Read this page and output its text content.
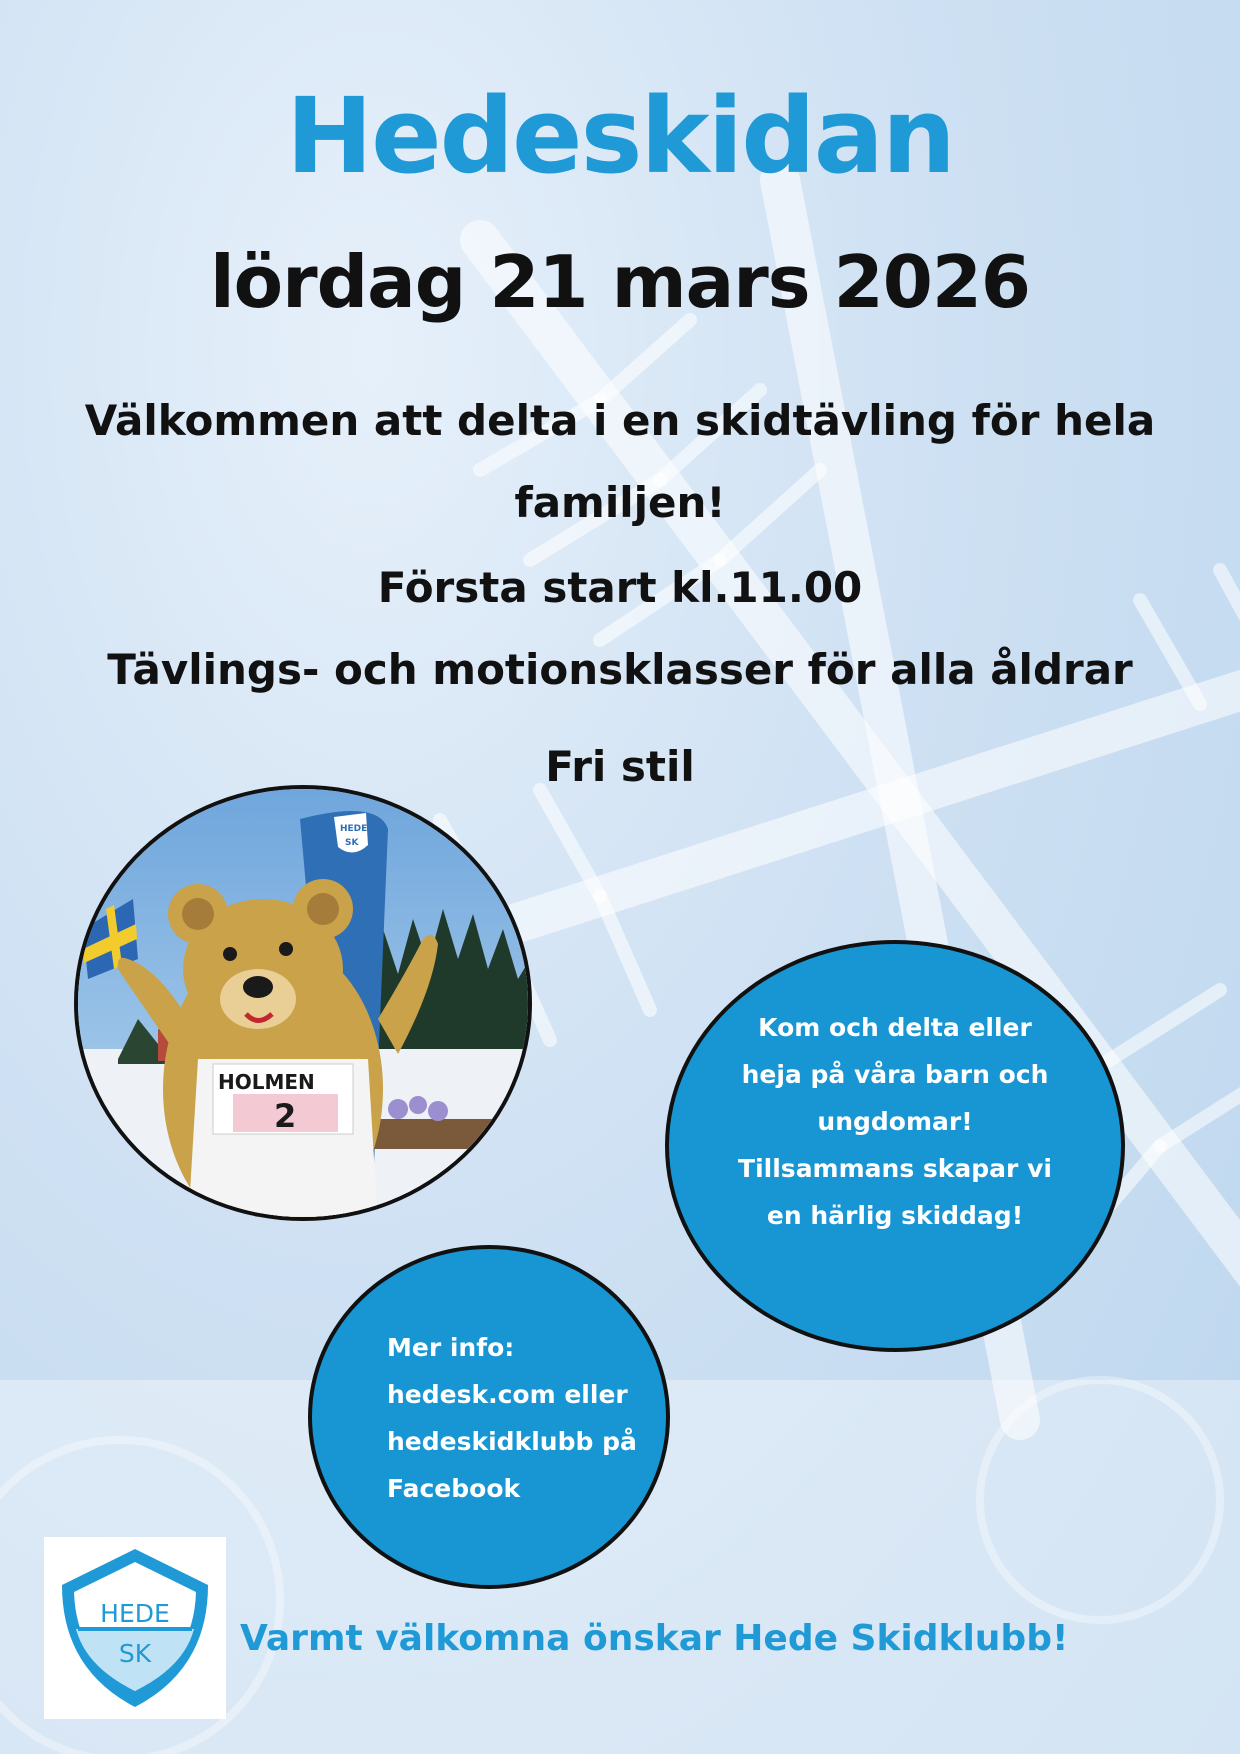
Hedeskidan
lördag 21 mars 2026

Välkommen att delta i en skidtävling för hela
familjen!

Första start kl.11.00

Tävlings- och motionsklasser för alla åldrar

Fri stil

HEDE
SK
HOLMEN
2
Kom och delta eller
heja på våra barn och
ungdomar!
Tillsammans skapar vi
en härlig skiddag!
Mer info:
hedesk.com eller
hedeskidklubb på
Facebook
HEDE
SK Varmt välkomna önskar Hede Skidklubb!
